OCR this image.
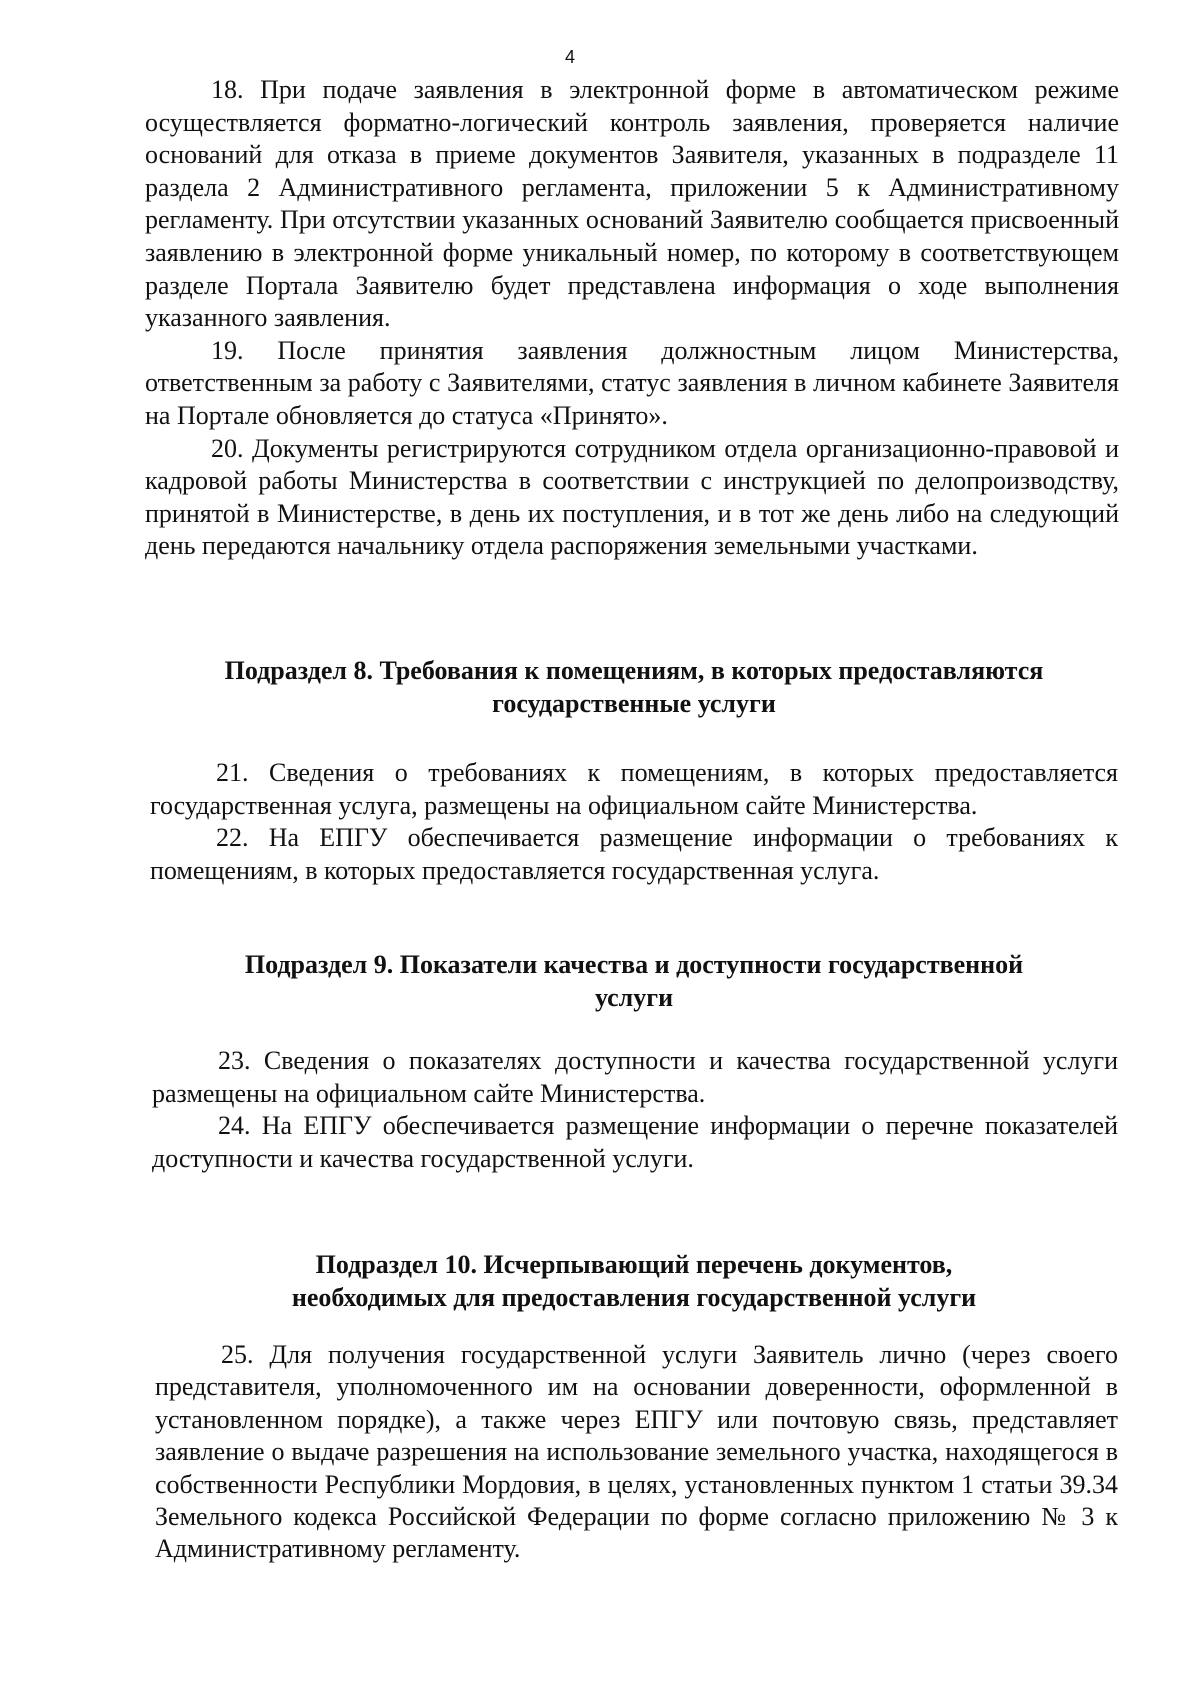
4

18. При подаче заявления в электронной форме в автоматическом режиме осуществляется форматно-логический контроль заявления, проверяется наличие оснований для отказа в приеме документов Заявителя, указанных в подразделе 11 раздела 2 Административного регламента, приложении 5 к Административному регламенту. При отсутствии указанных оснований Заявителю сообщается присвоенный заявлению в электронной форме уникальный номер, по которому в соответствующем разделе Портала Заявителю будет представлена информация о ходе выполнения указанного заявления.

19. После принятия заявления должностным лицом Министерства, ответственным за работу с Заявителями, статус заявления в личном кабинете Заявителя на Портале обновляется до статуса «Принято».

20. Документы регистрируются сотрудником отдела организационно-правовой и кадровой работы Министерства в соответствии с инструкцией по делопроизводству, принятой в Министерстве, в день их поступления, и в тот же день либо на следующий день передаются начальнику отдела распоряжения земельными участками.

Подраздел 8. Требования к помещениям, в которых предоставляются
государственные услуги

21. Сведения о требованиях к помещениям, в которых предоставляется государственная услуга, размещены на официальном сайте Министерства.

22. На ЕПГУ обеспечивается размещение информации о требованиях к помещениям, в которых предоставляется государственная услуга.

Подраздел 9. Показатели качества и доступности государственной
услуги

23. Сведения о показателях доступности и качества государственной услуги размещены на официальном сайте Министерства.

24. На ЕПГУ обеспечивается размещение информации о перечне показателей доступности и качества государственной услуги.

Подраздел 10. Исчерпывающий перечень документов,
необходимых для предоставления государственной услуги

25. Для получения государственной услуги Заявитель лично (через своего представителя, уполномоченного им на основании доверенности, оформленной в установленном порядке), а также через ЕПГУ или почтовую связь, представляет заявление о выдаче разрешения на использование земельного участка, находящегося в собственности Республики Мордовия, в целях, установленных пунктом 1 статьи 39.34 Земельного кодекса Российской Федерации по форме согласно приложению № 3 к Административному регламенту.
